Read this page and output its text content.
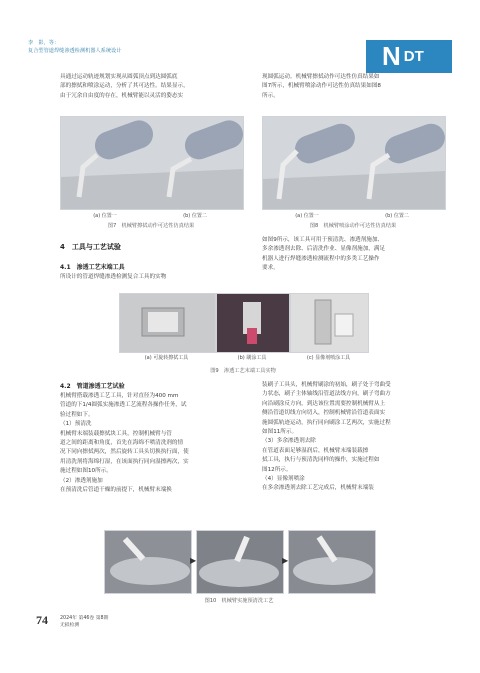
李　影，等：
复合型管道焊缝渗透检测机器人系统设计	N DT

具通过运动轨迹规划实现从圆弧顶点到达圆弧底

部的擦拭和喷涂运动，分析了其可达性。结果显示，

由于冗余自由度的存在，机械臂能以灵活的姿态实

现圆弧运动。机械臂擦拭动作可达性仿真结果如

图7所示，机械臂喷涂动作可达性仿真结果如图8

所示。

(a) 位置一	(b) 位置二
图7　机械臂擦拭动作可达性仿真结果
(a) 位置一	(b) 位置二
图8　机械臂喷涂动作可达性仿真结果
4　工具与工艺试验
4.1　渗透工艺末端工具

所设计的管道焊缝渗透检测复合工具的实物

如图9所示，该工具可用于预清洗、渗透剂施加、

多余渗透剂去除、后清洗作业、显像剂施加，满足

机器人进行焊缝渗透检测流程中的多类工艺操作

要求。

(a) 可旋转擦拭工具	(b) 刷涂工具	(c) 显像剂喷涂工具
图9　渗透工艺末端工具实物
4.2　管道渗透工艺试验

机械臂搭载渗透工艺工具，针对直径为400 mm

管道的下1/4圆弧实施渗透工艺流程各操作任务，试

验过程如下。

（1）预清洗

机械臂末端装载擦拭块工具，控制机械臂与管

道之间的距离和角度，首先在海绵不喷清洗剂的情

况下同向擦拭两次，然后旋转工具头切换执行面，使

用清洗剂将海绵打湿，在该面执行同向湿擦两次，实

施过程如图10所示。

（2）渗透剂施加

在预清洗后管道干燥的前提下，机械臂末端换

装刷子工具头，机械臂刷涂的初始，刷子处于弯曲受

力状态，刷子主体轴线沿管道法线方向，刷子弯曲方

向沿刷涂反方向，到达该位置需要控制机械臂从上

侧沿管道切线方向切入，控制机械臂沿管道表面实

施圆弧轨迹运动，执行同向刷涂工艺两次，实施过程

如图11所示。

（3）多余渗透剂去除

在管道表面足够湿润后，机械臂末端装载擦

拭工具，执行与预清洗同样的操作，实施过程如

图12所示。

（4）显像剂喷涂

在多余渗透剂去除工艺完成后，机械臂末端装

▶	▶
图10　机械臂实施预清洗工艺
74	2024年 第46卷 第8期
无损检测
